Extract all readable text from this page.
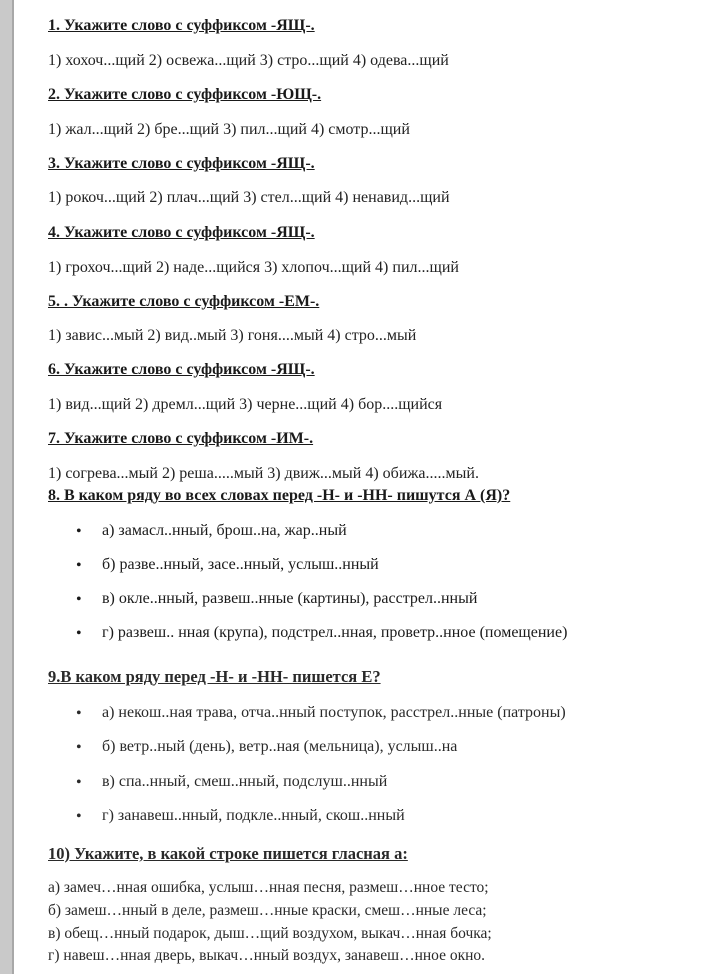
1. Укажите слово с суффиксом -ЯЩ-.
1) хохоч...щий 2) освежа...щий 3) стро...щий 4) одева...щий
2. Укажите слово с суффиксом -ЮЩ-.
1) жал...щий 2) бре...щий 3) пил...щий 4) смотр...щий
3. Укажите слово с суффиксом -ЯЩ-.
1) рокоч...щий 2) плач...щий 3) стел...щий 4) ненавид...щий
4. Укажите слово с суффиксом -ЯЩ-.
1) грохоч...щий 2) наде...щийся 3) хлопоч...щий 4) пил...щий
5. . Укажите слово с суффиксом -ЕМ-.
1) завис...мый 2) вид..мый 3) гоня....мый 4) стро...мый
6. Укажите слово с суффиксом -ЯЩ-.
1) вид...щий 2) дремл...щий 3) черне...щий 4) бор....щийся
7. Укажите слово с суффиксом -ИМ-.
1) согрева...мый 2) реша.....мый 3) движ...мый 4) обижа.....мый.
8. В каком ряду во всех словах перед -Н- и -НН- пишутся А (Я)?
• а) замасл..нный, брош..на, жар..ный
• б) разве..нный, засе..нный, услыш..нный
• в) окле..нный, развеш..нные (картины), расстрел..нный
• г) развеш.. нная (крупа), подстрел..нная, проветр..нное (помещение)
9.В каком ряду перед -Н- и -НН- пишется Е?
• а) некош..ная трава, отча..нный поступок, расстрел..нные (патроны)
• б) ветр..ный (день), ветр..ная (мельница), услыш..на
• в) спа..нный, смеш..нный, подслуш..нный
• г) занавеш..нный, подкле..нный, скош..нный
10) Укажите, в какой строке пишется гласная а:
а) замеч…нная ошибка, услыш…нная песня, размеш…нное тесто;
б) замеш…нный в деле, размеш…нные краски, смеш…нные леса;
в) обещ…нный подарок, дыш…щий воздухом, выкач…нная бочка;
г) навеш…нная дверь, выкач…нный воздух, занавеш…нное окно.
